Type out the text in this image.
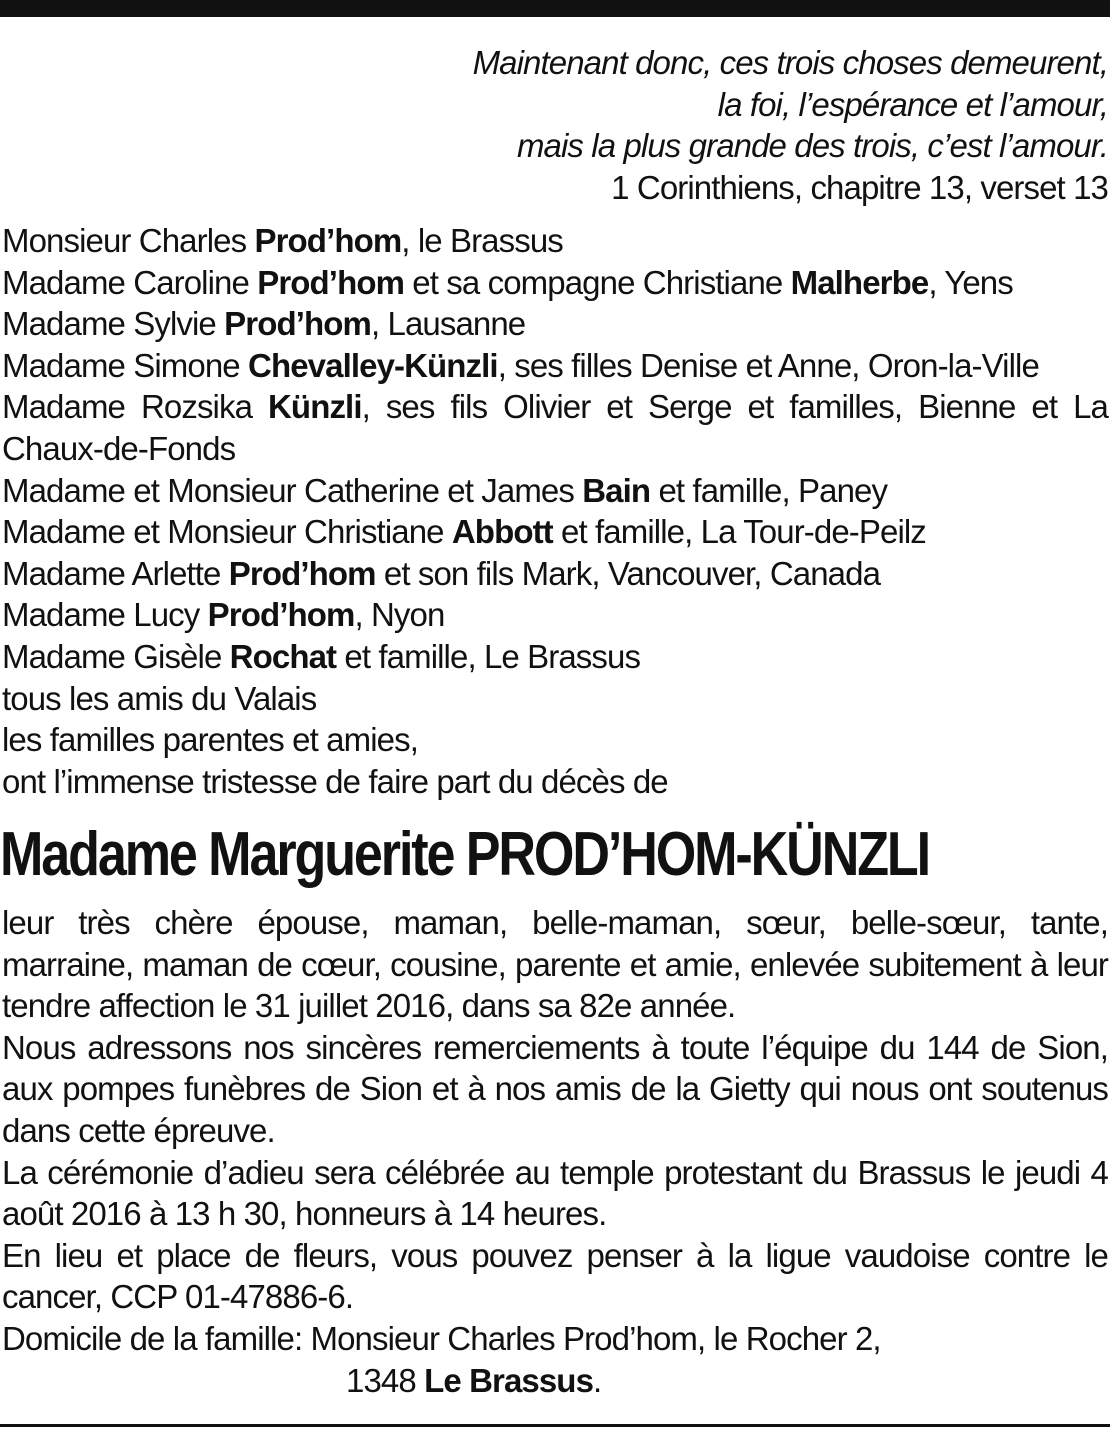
Maintenant donc, ces trois choses demeurent,
la foi, l’espérance et l’amour,
mais la plus grande des trois, c’est l’amour.
1 Corinthiens, chapitre 13, verset 13
Monsieur Charles Prod’hom, le Brassus
Madame Caroline Prod’hom et sa compagne Christiane Malherbe, Yens
Madame Sylvie Prod’hom, Lausanne
Madame Simone Chevalley-Künzli, ses filles Denise et Anne, Oron-la-Ville
Madame Rozsika Künzli, ses fils Olivier et Serge et familles, Bienne et La Chaux-de-Fonds
Madame et Monsieur Catherine et James Bain et famille, Paney
Madame et Monsieur Christiane Abbott et famille, La Tour-de-Peilz
Madame Arlette Prod’hom et son fils Mark, Vancouver, Canada
Madame Lucy Prod’hom, Nyon
Madame Gisèle Rochat et famille, Le Brassus
tous les amis du Valais
les familles parentes et amies,
ont l’immense tristesse de faire part du décès de
Madame Marguerite PROD’HOM-KÜNZLI

leur très chère épouse, maman, belle-maman, sœur, belle-sœur, tante, marraine, maman de cœur, cousine, parente et amie, enlevée subitement à leur tendre affection le 31 juillet 2016, dans sa 82e année.

Nous adressons nos sincères remerciements à toute l’équipe du 144 de Sion, aux pompes funèbres de Sion et à nos amis de la Gietty qui nous ont soutenus dans cette épreuve.

La cérémonie d’adieu sera célébrée au temple protestant du Brassus le jeudi 4 août 2016 à 13 h 30, honneurs à 14 heures.

En lieu et place de fleurs, vous pouvez penser à la ligue vaudoise contre le cancer, CCP 01-47886-6.

Domicile de la famille: Monsieur Charles Prod’hom, le Rocher 2,
1348 Le Brassus.
